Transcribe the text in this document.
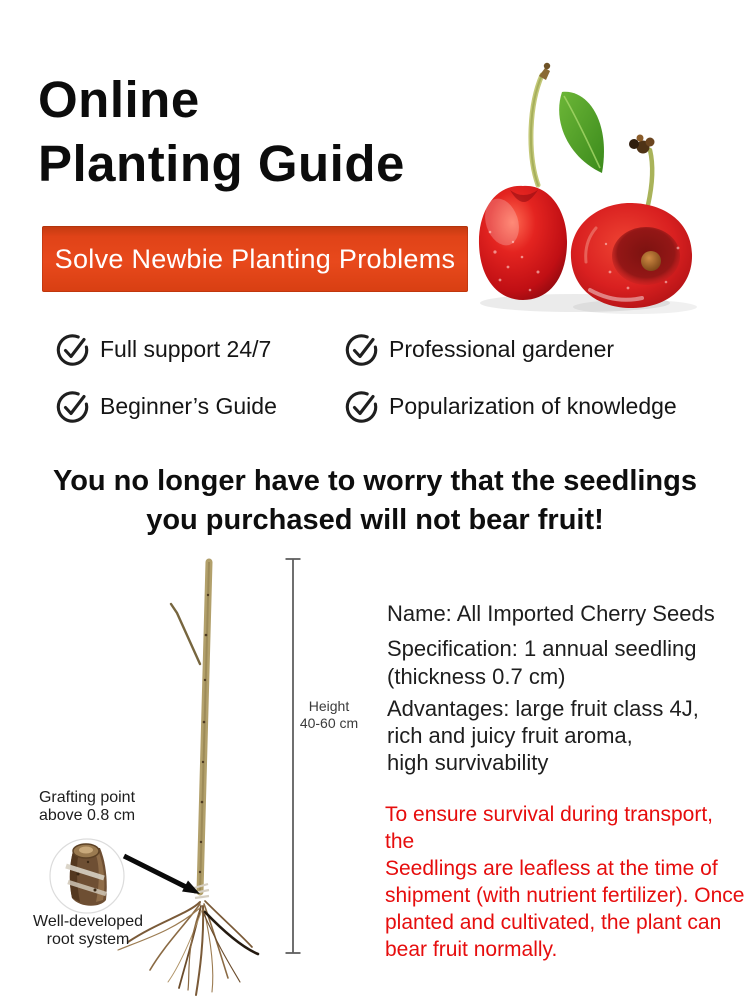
Online
Planting Guide
Solve Newbie Planting Problems
Full support 24/7	Professional gardener
Beginner’s Guide	Popularization of knowledge
You no longer have to worry that the seedlings
you purchased will not bear fruit!
Grafting point
above 0.8 cm
Well-developed
root system
Height
40-60 cm
Name: All Imported Cherry Seeds
Specification: 1 annual seedling
(thickness 0.7 cm)
Advantages: large fruit class 4J,
rich and juicy fruit aroma,
high survivability
To ensure survival during transport, the
Seedlings are leafless at the time of
shipment (with nutrient fertilizer). Once
planted and cultivated, the plant can
bear fruit normally.
